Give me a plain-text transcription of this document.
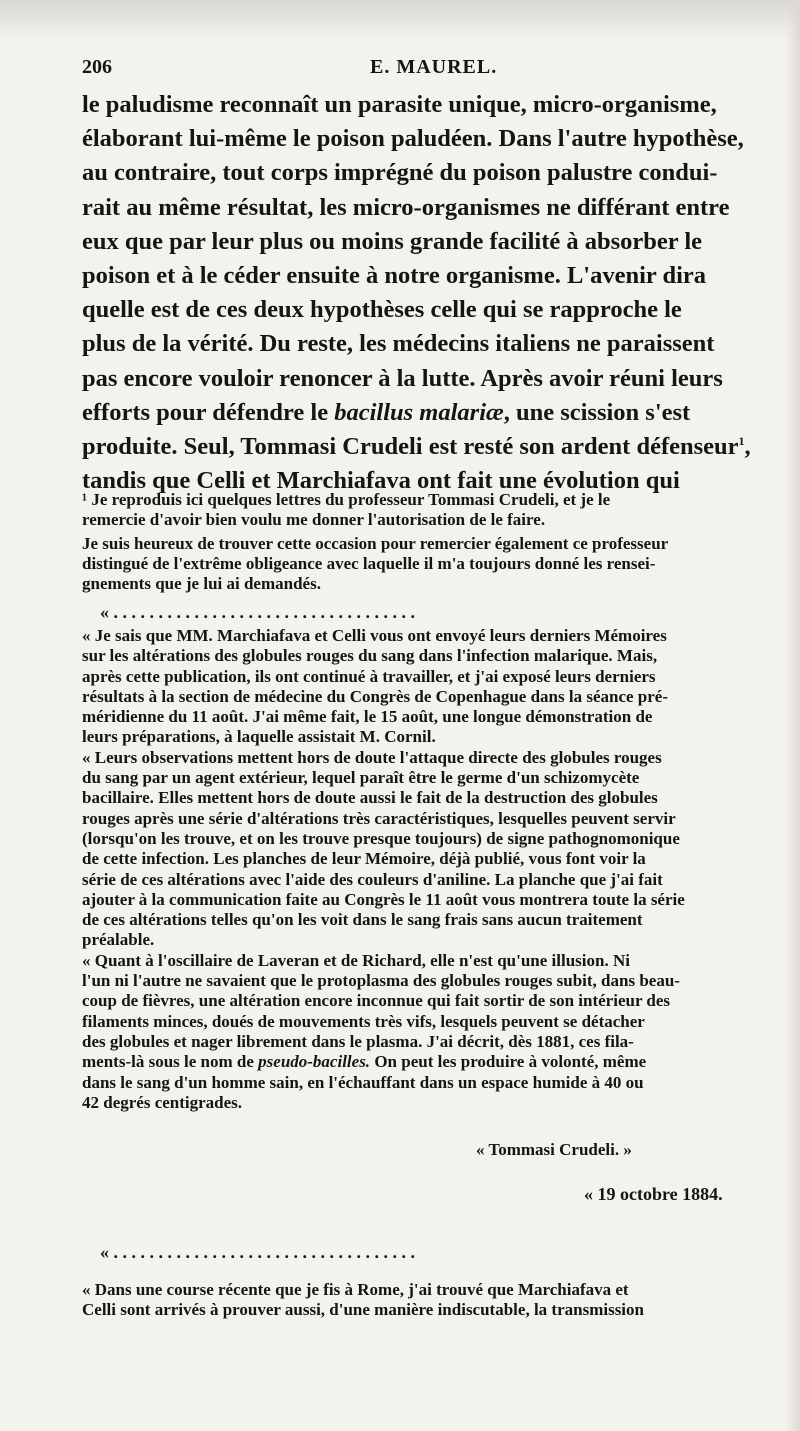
206	E. MAUREL.

le paludisme reconnaît un parasite unique, micro-organisme,

élaborant lui-même le poison paludéen. Dans l'autre hypothèse,

au contraire, tout corps imprégné du poison palustre condui-

rait au même résultat, les micro-organismes ne différant entre

eux que par leur plus ou moins grande facilité à absorber le

poison et à le céder ensuite à notre organisme. L'avenir dira

quelle est de ces deux hypothèses celle qui se rapproche le

plus de la vérité. Du reste, les médecins italiens ne paraissent

pas encore vouloir renoncer à la lutte. Après avoir réuni leurs

efforts pour défendre le bacillus malariæ, une scission s'est

produite. Seul, Tommasi Crudeli est resté son ardent défenseur$^1$,

tandis que Celli et Marchiafava ont fait une évolution qui

¹ Je reproduis ici quelques lettres du professeur Tommasi Crudeli, et je le

remercie d'avoir bien voulu me donner l'autorisation de le faire.

Je suis heureux de trouver cette occasion pour remercier également ce professeur

distingué de l'extrême obligeance avec laquelle il m'a toujours donné les rensei-

gnements que je lui ai demandés.

« . . . . . . . . . . . . . . . . . . . . . . . . . . . . . . . . . .

« Je sais que MM. Marchiafava et Celli vous ont envoyé leurs derniers Mémoires

sur les altérations des globules rouges du sang dans l'infection malarique. Mais,

après cette publication, ils ont continué à travailler, et j'ai exposé leurs derniers

résultats à la section de médecine du Congrès de Copenhague dans la séance pré-

méridienne du 11 août. J'ai même fait, le 15 août, une longue démonstration de

leurs préparations, à laquelle assistait M. Cornil.

« Leurs observations mettent hors de doute l'attaque directe des globules rouges

du sang par un agent extérieur, lequel paraît être le germe d'un schizomycète

bacillaire. Elles mettent hors de doute aussi le fait de la destruction des globules

rouges après une série d'altérations très caractéristiques, lesquelles peuvent servir

(lorsqu'on les trouve, et on les trouve presque toujours) de signe pathognomonique

de cette infection. Les planches de leur Mémoire, déjà publié, vous font voir la

série de ces altérations avec l'aide des couleurs d'aniline. La planche que j'ai fait

ajouter à la communication faite au Congrès le 11 août vous montrera toute la série

de ces altérations telles qu'on les voit dans le sang frais sans aucun traitement

préalable.

« Quant à l'oscillaire de Laveran et de Richard, elle n'est qu'une illusion. Ni

l'un ni l'autre ne savaient que le protoplasma des globules rouges subit, dans beau-

coup de fièvres, une altération encore inconnue qui fait sortir de son intérieur des

filaments minces, doués de mouvements très vifs, lesquels peuvent se détacher

des globules et nager librement dans le plasma. J'ai décrit, dès 1881, ces fila-

ments-là sous le nom de pseudo-bacilles. On peut les produire à volonté, même

dans le sang d'un homme sain, en l'échauffant dans un espace humide à 40 ou

42 degrés centigrades.

« Tommasi Crudeli. »
« 19 octobre 1884.
« . . . . . . . . . . . . . . . . . . . . . . . . . . . . . . . . . .

« Dans une course récente que je fis à Rome, j'ai trouvé que Marchiafava et

Celli sont arrivés à prouver aussi, d'une manière indiscutable, la transmission
